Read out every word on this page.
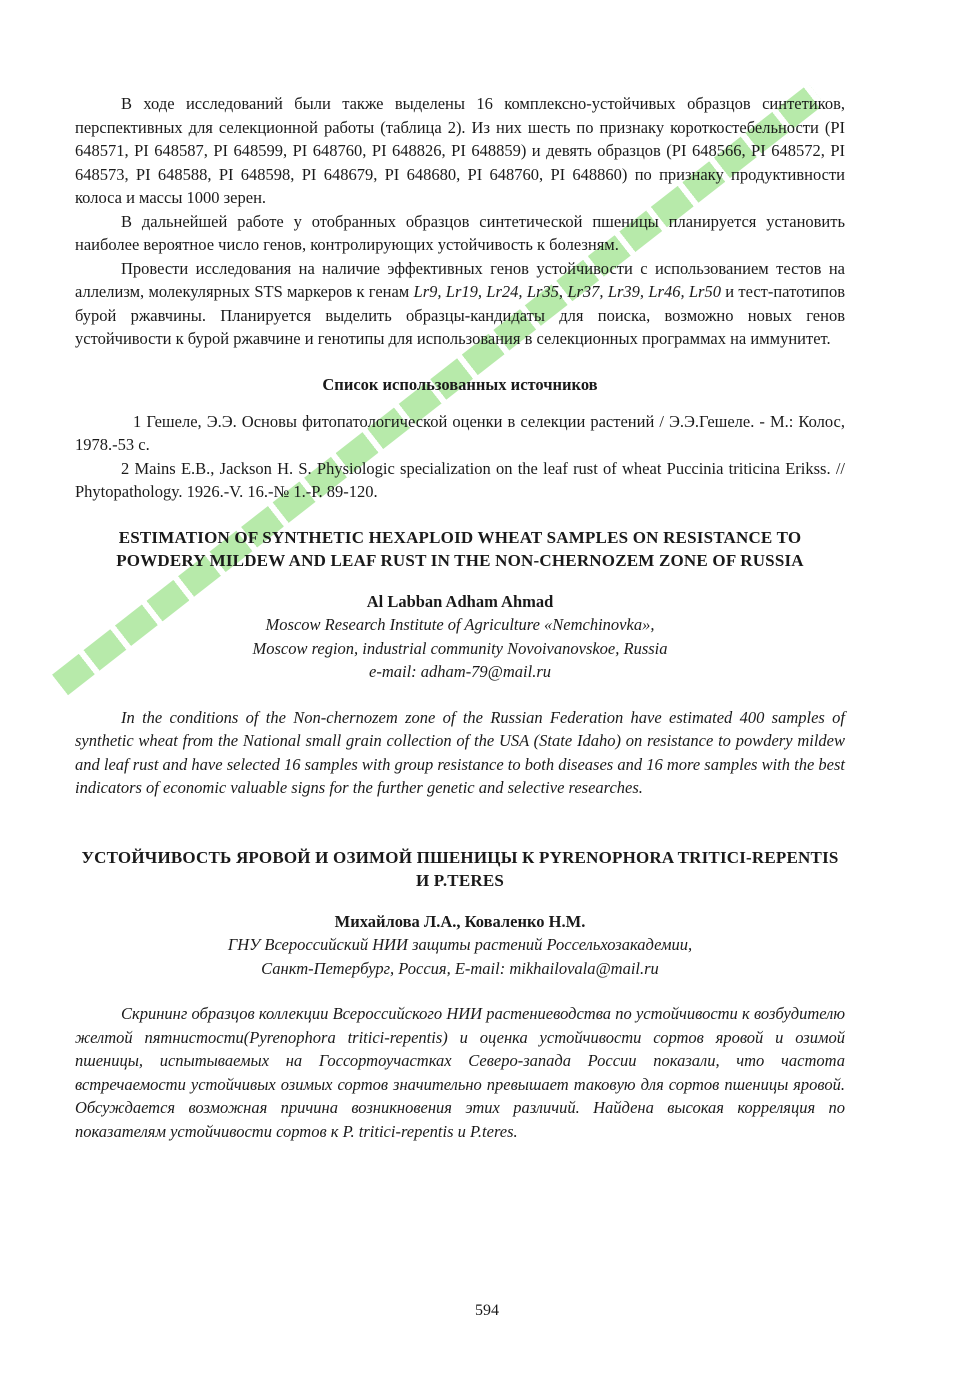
В ходе исследований были также выделены 16 комплексно-устойчивых образцов синтетиков, перспективных для селекционной работы (таблица 2). Из них шесть по признаку короткостебельности (PI 648571, PI 648587, PI 648599, PI 648760, PI 648826, PI 648859) и девять образцов (PI 648566, PI 648572, PI 648573, PI 648588, PI 648598, PI 648679, PI 648680, PI 648760, PI 648860) по признаку продуктивности колоса и массы 1000 зерен.

В дальнейшей работе у отобранных образцов синтетической пшеницы планируется установить наиболее вероятное число генов, контролирующих устойчивость к болезням.

Провести исследования на наличие эффективных генов устойчивости с использованием тестов на аллелизм, молекулярных STS маркеров к генам Lr9, Lr19, Lr24, Lr35, Lr37, Lr39, Lr46, Lr50 и тест-патотипов бурой ржавчины. Планируется выделить образцы-кандидаты для поиска, возможно новых генов устойчивости к бурой ржавчине и генотипы для использования в селекционных программах на иммунитет.

Список использованных источников

1 Гешеле, Э.Э. Основы фитопатологической оценки в селекции растений / Э.Э.Гешеле. - М.: Колос, 1978.-53 с.

2 Mains E.B., Jackson H. S. Physiologic specialization on the leaf rust of wheat Puccinia triticina Erikss. // Phytopathology. 1926.-V. 16.-№ 1.-P. 89-120.

ESTIMATION OF SYNTHETIC HEXAPLOID WHEAT SAMPLES ON RESISTANCE TO POWDERY MILDEW AND LEAF RUST IN THE NON-CHERNOZEM ZONE OF RUSSIA

Al Labban Adham Ahmad

Moscow Research Institute of Agriculture «Nemchinovka»,

Moscow region, industrial community Novoivanovskoe, Russia

e-mail: adham-79@mail.ru

In the conditions of the Non-chernozem zone of the Russian Federation have estimated 400 samples of synthetic wheat from the National small grain collection of the USA (State Idaho) on resistance to powdery mildew and leaf rust and have selected 16 samples with group resistance to both diseases and 16 more samples with the best indicators of economic valuable signs for the further genetic and selective researches.

УСТОЙЧИВОСТЬ ЯРОВОЙ И ОЗИМОЙ ПШЕНИЦЫ К PYRENOPHORA TRITICI-REPENTIS И P.TERES

Михайлова Л.А., Коваленко Н.М.

ГНУ Всероссийский НИИ защиты растений Россельхозакадемии,

Санкт-Петербург, Россия, E-mail: mikhailovala@mail.ru

Скрининг образцов коллекции Всероссийского НИИ растениеводства по устойчивости к возбудителю желтой пятнистости(Pyrenophora tritici-repentis) и оценка устойчивости сортов яровой и озимой пшеницы, испытываемых на Госсортоучастках Северо-запада России показали, что частота встречаемости устойчивых озимых сортов значительно превышает таковую для сортов пшеницы яровой. Обсуждается возможная причина возникновения этих различий. Найдена высокая корреляция по показателям устойчивости сортов к P. tritici-repentis и P.teres.

594
